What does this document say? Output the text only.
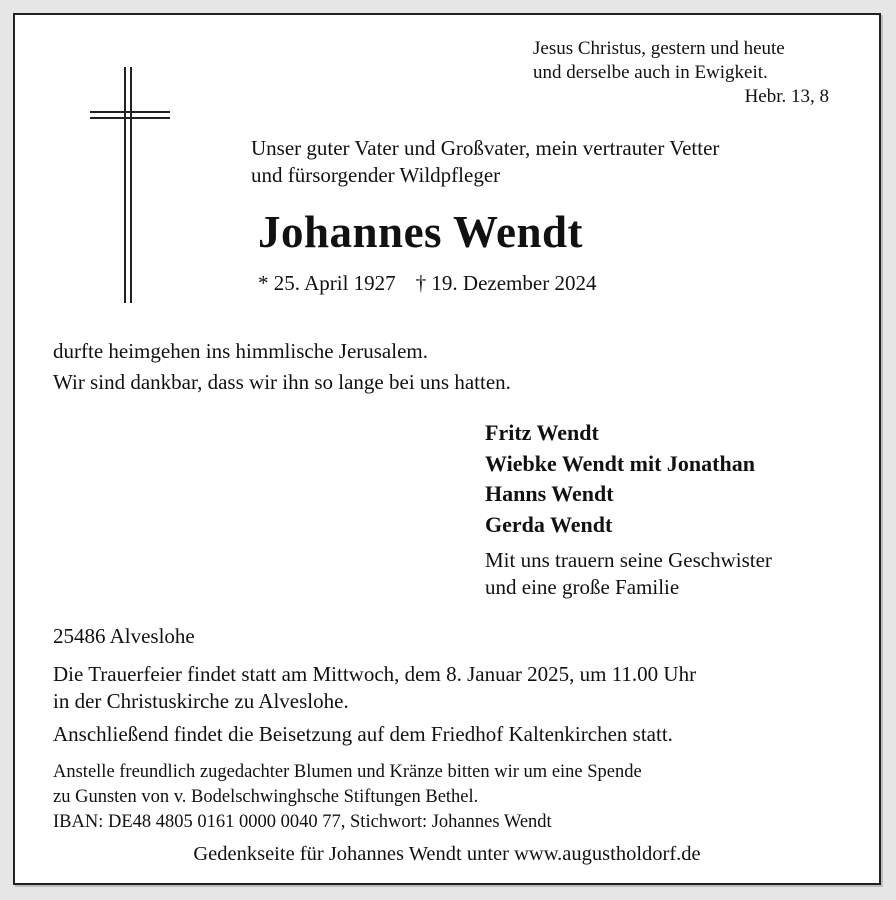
Jesus Christus, gestern und heute
und derselbe auch in Ewigkeit.
Hebr. 13, 8
Unser guter Vater und Großvater, mein vertrauter Vetter
und fürsorgender Wildpfleger
Johannes Wendt
* 25. April 1927 † 19. Dezember 2024
durfte heimgehen ins himmlische Jerusalem.
Wir sind dankbar, dass wir ihn so lange bei uns hatten.
Fritz Wendt
Wiebke Wendt mit Jonathan
Hanns Wendt
Gerda Wendt
Mit uns trauern seine Geschwister
und eine große Familie
25486 Alveslohe
Die Trauerfeier findet statt am Mittwoch, dem 8. Januar 2025, um 11.00 Uhr
in der Christuskirche zu Alveslohe.
Anschließend findet die Beisetzung auf dem Friedhof Kaltenkirchen statt.
Anstelle freundlich zugedachter Blumen und Kränze bitten wir um eine Spende
zu Gunsten von v. Bodelschwinghsche Stiftungen Bethel.
IBAN: DE48 4805 0161 0000 0040 77, Stichwort: Johannes Wendt
Gedenkseite für Johannes Wendt unter www.augustholdorf.de
